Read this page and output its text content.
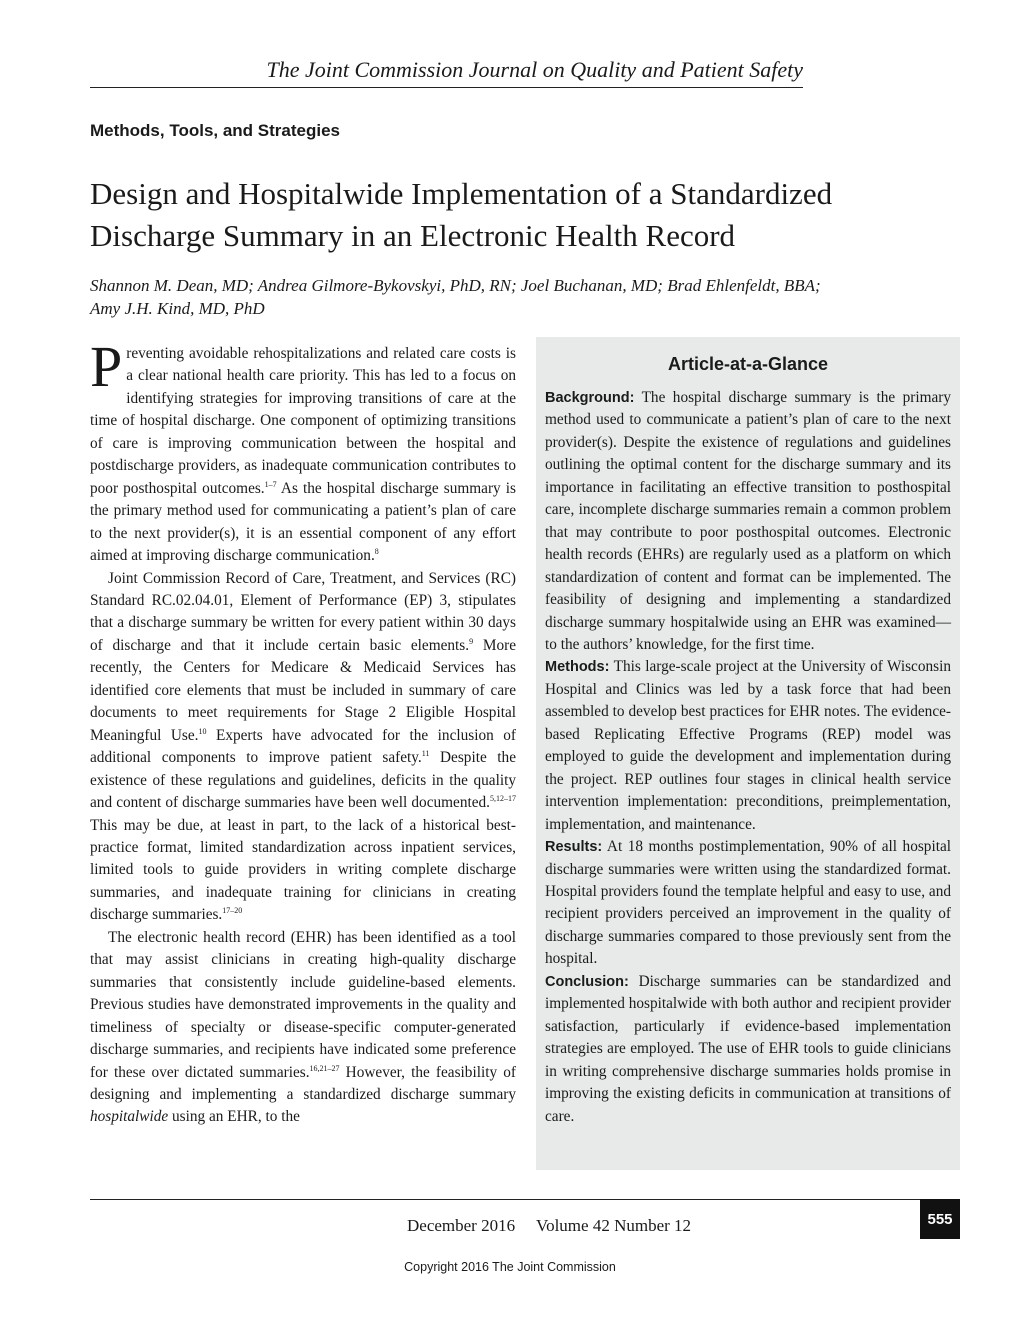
The Joint Commission Journal on Quality and Patient Safety
Methods, Tools, and Strategies
Design and Hospitalwide Implementation of a Standardized
Discharge Summary in an Electronic Health Record
Shannon M. Dean, MD; Andrea Gilmore-Bykovskyi, PhD, RN; Joel Buchanan, MD; Brad Ehlenfeldt, BBA;
Amy J.H. Kind, MD, PhD

Preventing avoidable rehospitalizations and related care costs is a clear national health care priority. This has led to a focus on identifying strategies for improving transitions of care at the time of hospital discharge. One component of optimizing transitions of care is improving communication between the hospital and postdischarge providers, as inadequate communication contributes to poor posthospital outcomes.$^{1-7}$ As the hospital discharge summary is the primary method used for communicating a patient’s plan of care to the next provider(s), it is an essential component of any effort aimed at improving discharge communication.$^8$

Joint Commission Record of Care, Treatment, and Services (RC) Standard RC.02.04.01, Element of Performance (EP) 3, stipulates that a discharge summary be written for every patient within 30 days of discharge and that it include certain basic elements.$^9$ More recently, the Centers for Medicare & Medicaid Services has identified core elements that must be included in summary of care documents to meet requirements for Stage 2 Eligible Hospital Meaningful Use.$^{10}$ Experts have advocated for the inclusion of additional components to improve patient safety.$^{11}$ Despite the existence of these regulations and guidelines, deficits in the quality and content of discharge summaries have been well documented.$^{5,12-17}$ This may be due, at least in part, to the lack of a historical best-practice format, limited standardization across inpatient services, limited tools to guide providers in writing complete discharge summaries, and inadequate training for clinicians in creating discharge summaries.$^{17-20}$

The electronic health record (EHR) has been identified as a tool that may assist clinicians in creating high-quality discharge summaries that consistently include guideline-based elements. Previous studies have demonstrated improvements in the quality and timeliness of specialty or disease-specific computer-generated discharge summaries, and recipients have indicated some preference for these over dictated summaries.$^{16,21-27}$ However, the feasibility of designing and implementing a standardized discharge summary hospitalwide using an EHR, to the

Article-at-a-Glance

Background: The hospital discharge summary is the primary method used to communicate a patient’s plan of care to the next provider(s). Despite the existence of regulations and guidelines outlining the optimal content for the discharge summary and its importance in facilitating an effective transition to posthospital care, incomplete discharge summaries remain a common problem that may contribute to poor posthospital outcomes. Electronic health records (EHRs) are regularly used as a platform on which standardization of content and format can be implemented. The feasibility of designing and implementing a standardized discharge summary hospitalwide using an EHR was examined—to the authors’ knowledge, for the first time.

Methods: This large-scale project at the University of Wisconsin Hospital and Clinics was led by a task force that had been assembled to develop best practices for EHR notes. The evidence-based Replicating Effective Programs (REP) model was employed to guide the development and implementation during the project. REP outlines four stages in clinical health service intervention implementation: preconditions, preimplementation, implementation, and maintenance.

Results: At 18 months postimplementation, 90% of all hospital discharge summaries were written using the standardized format. Hospital providers found the template helpful and easy to use, and recipient providers perceived an improvement in the quality of discharge summaries compared to those previously sent from the hospital.

Conclusion: Discharge summaries can be standardized and implemented hospitalwide with both author and recipient provider satisfaction, particularly if evidence-based implementation strategies are employed. The use of EHR tools to guide clinicians in writing comprehensive discharge summaries holds promise in improving the existing deficits in communication at transitions of care.

December 2016 Volume 42 Number 12	555
Copyright 2016 The Joint Commission
